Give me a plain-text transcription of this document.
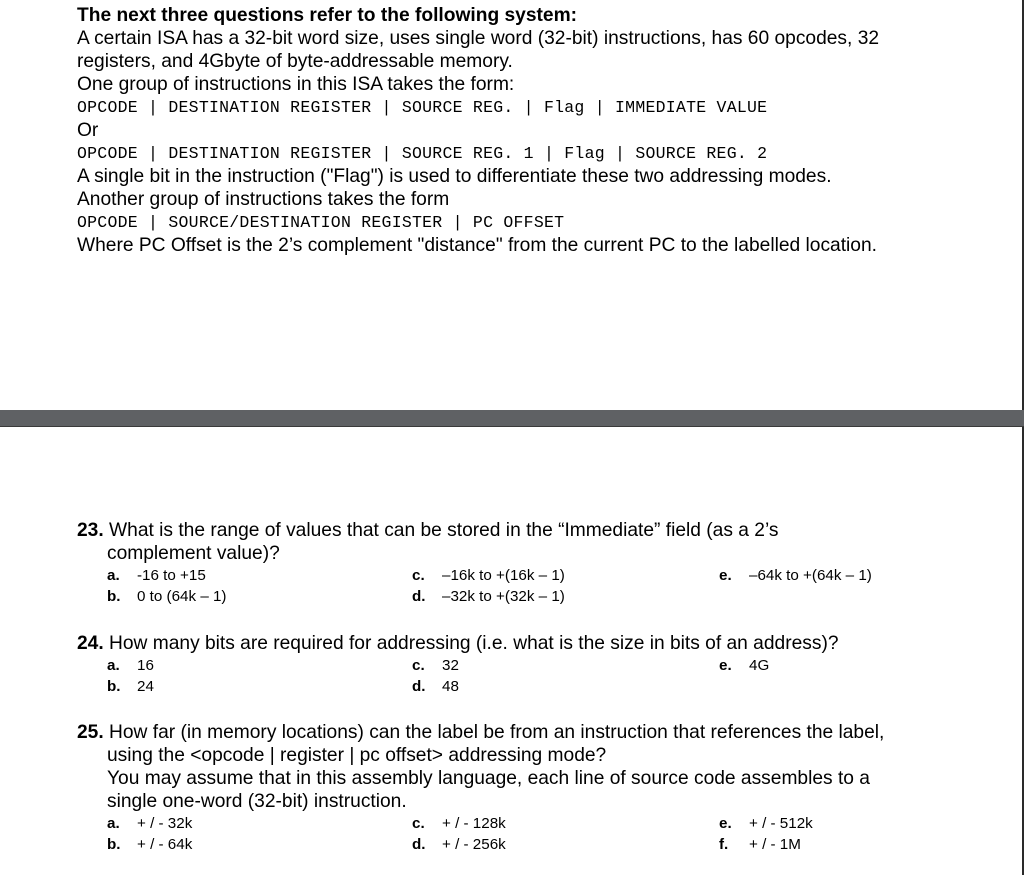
The next three questions refer to the following system:
A certain ISA has a 32-bit word size, uses single word (32-bit) instructions, has 60 opcodes, 32
registers, and 4Gbyte of byte-addressable memory.
One group of instructions in this ISA takes the form:
OPCODE | DESTINATION REGISTER | SOURCE REG. | Flag | IMMEDIATE VALUE
Or
OPCODE | DESTINATION REGISTER | SOURCE REG. 1 | Flag | SOURCE REG. 2
A single bit in the instruction ("Flag") is used to differentiate these two addressing modes.
Another group of instructions takes the form
OPCODE | SOURCE/DESTINATION REGISTER | PC OFFSET
Where PC Offset is the 2’s complement "distance" from the current PC to the labelled location.
23. What is the range of values that can be stored in the “Immediate” field (as a 2’s
complement value)?
a. -16 to +15
b. 0 to (64k – 1)
c. –16k to +(16k – 1)
d. –32k to +(32k – 1)
e. –64k to +(64k – 1)
24. How many bits are required for addressing (i.e. what is the size in bits of an address)?
a. 16
b. 24
c. 32
d. 48
e. 4G
25. How far (in memory locations) can the label be from an instruction that references the label,
using the <opcode | register | pc offset> addressing mode?
You may assume that in this assembly language, each line of source code assembles to a
single one-word (32-bit) instruction.
a. + / - 32k
b. + / - 64k
c. + / - 128k
d. + / - 256k
e. + / - 512k
f. + / - 1M
